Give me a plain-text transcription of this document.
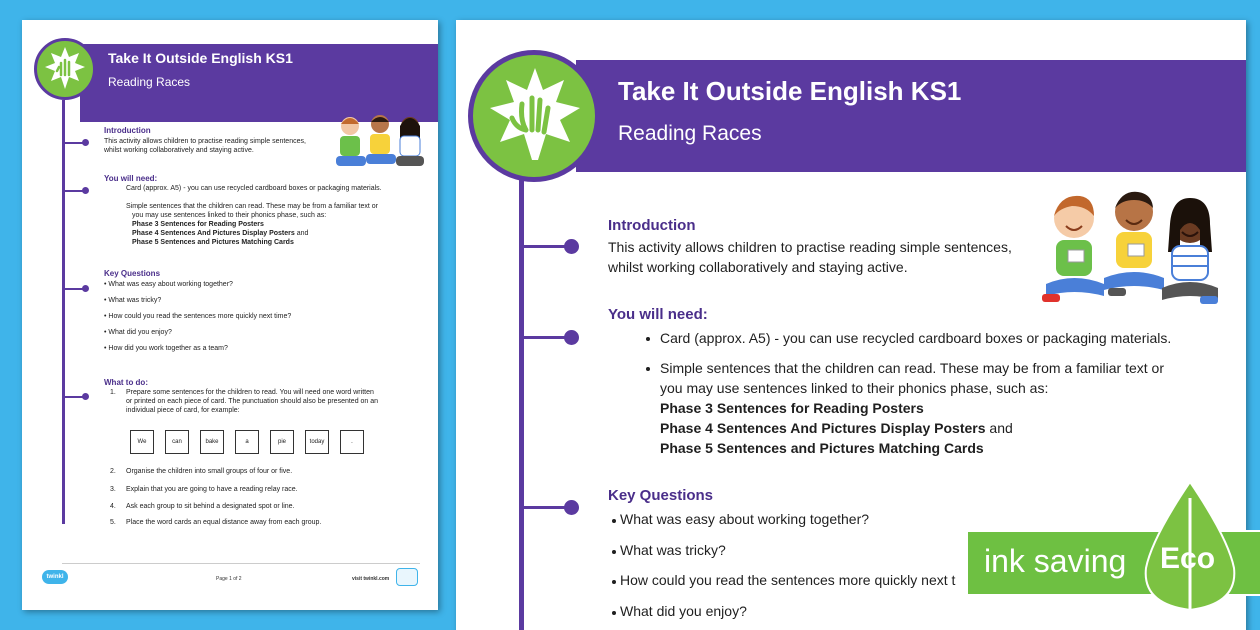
Take It Outside English KS1
Reading Races
Introduction
This activity allows children to practise reading simple sentences,
whilst working collaboratively and staying active.
You will need:
Card (approx. A5) - you can use recycled cardboard boxes or packaging materials.
Simple sentences that the children can read. These may be from a familiar text or
you may use sentences linked to their phonics phase, such as:
Phase 3 Sentences for Reading Posters
Phase 4 Sentences And Pictures Display Posters and
Phase 5 Sentences and Pictures Matching Cards
Key Questions
• What was easy about working together?
• What was tricky?
• How could you read the sentences more quickly next time?
• What did you enjoy?
• How did you work together as a team?
What to do:
1. Prepare some sentences for the children to read. You will need one word written
or printed on each piece of card. The punctuation should also be presented on an
individual piece of card, for example:
We	can	bake	a	pie	today	.
2. Organise the children into small groups of four or five.
3. Explain that you are going to have a reading relay race.
4. Ask each group to sit behind a designated spot or line.
5. Place the word cards an equal distance away from each group.
twinkl	Page 1 of 2	visit twinkl.com
Take It Outside English KS1
Reading Races
Introduction
This activity allows children to practise reading simple sentences,
whilst working collaboratively and staying active.
You will need:
Card (approx. A5) - you can use recycled cardboard boxes or packaging materials.
Simple sentences that the children can read. These may be from a familiar text or
you may use sentences linked to their phonics phase, such as:
Phase 3 Sentences for Reading Posters
Phase 4 Sentences And Pictures Display Posters and
Phase 5 Sentences and Pictures Matching Cards
Key Questions
What was easy about working together?
What was tricky?
How could you read the sentences more quickly next t
What did you enjoy?
ink saving Eco
